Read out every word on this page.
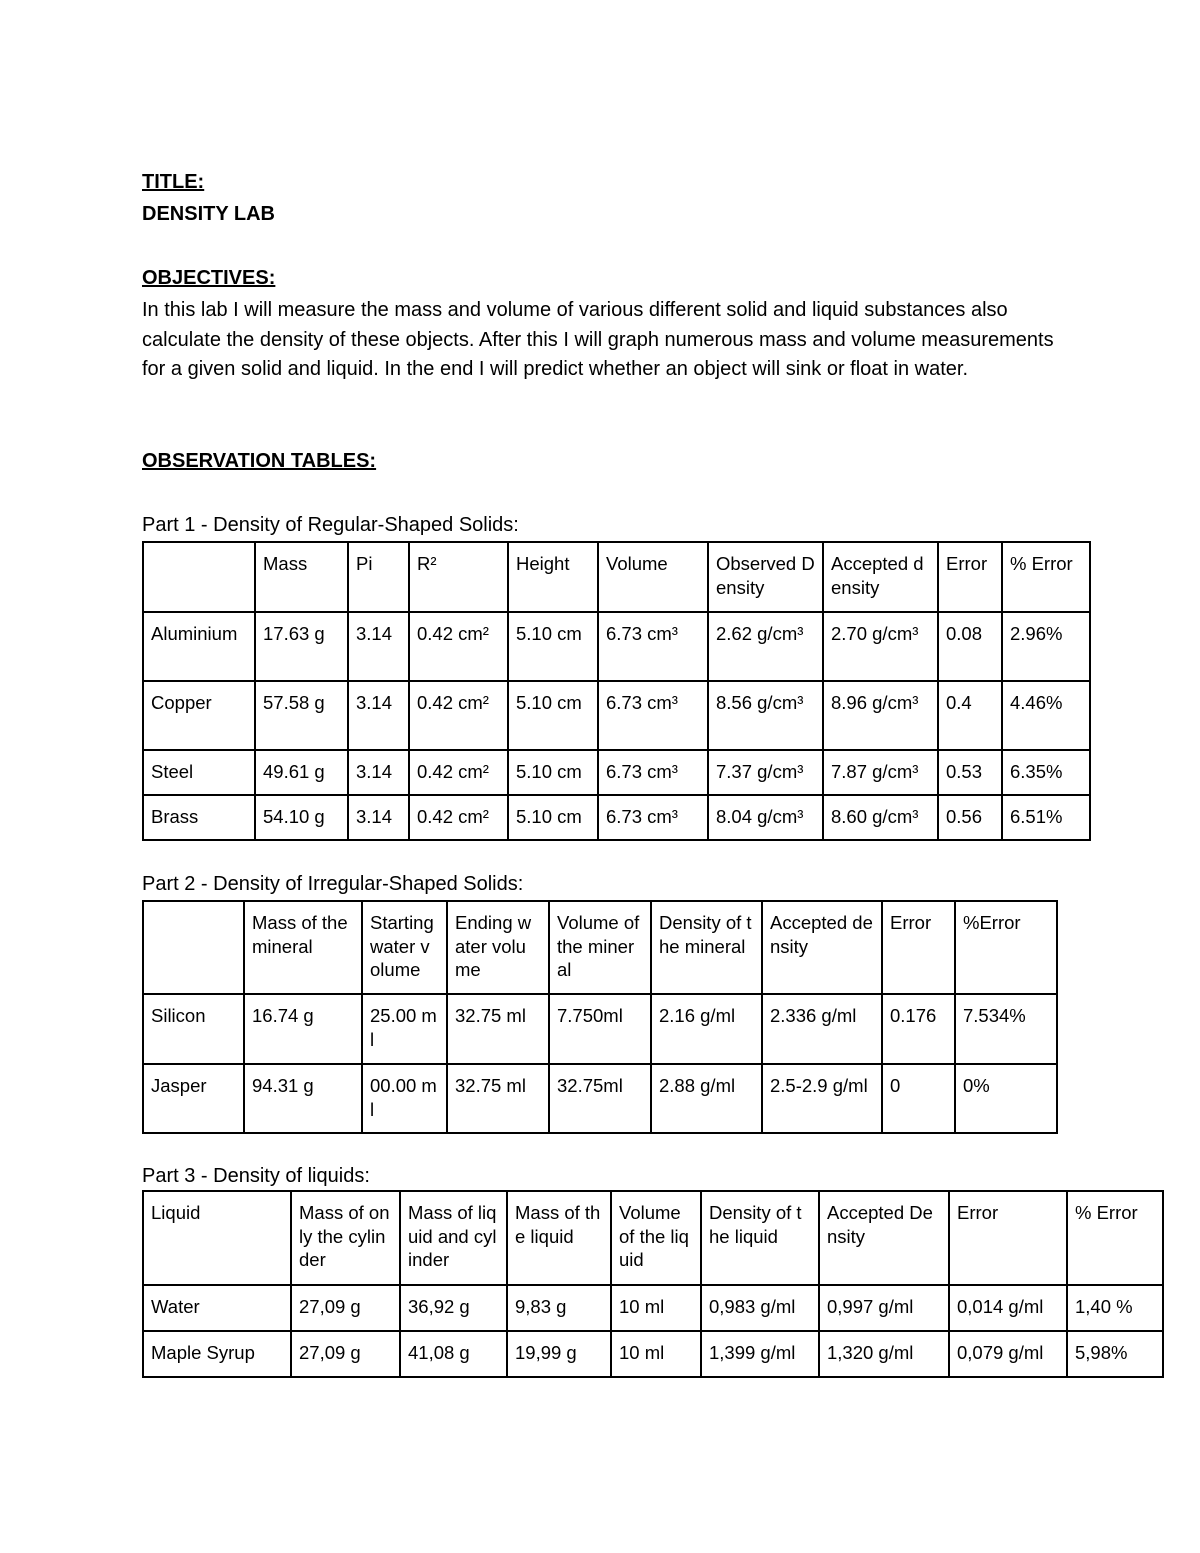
TITLE:
DENSITY LAB
OBJECTIVES:
In this lab I will measure the mass and volume of various different solid and liquid substances also calculate the density of these objects. After this I will graph numerous mass and volume measurements for a given solid and liquid. In the end I will predict whether an object will sink or float in water.
OBSERVATION TABLES:
Part 1 - Density of Regular-Shaped Solids:
	Mass	Pi	R²	Height	Volume	Observed Density	Accepted density	Error	% Error
Aluminium	17.63 g	3.14	0.42 cm²	5.10 cm	6.73 cm³	2.62 g/cm³	2.70 g/cm³	0.08	2.96%
Copper	57.58 g	3.14	0.42 cm²	5.10 cm	6.73 cm³	8.56 g/cm³	8.96 g/cm³	0.4	4.46%
Steel	49.61 g	3.14	0.42 cm²	5.10 cm	6.73 cm³	7.37 g/cm³	7.87 g/cm³	0.53	6.35%
Brass	54.10 g	3.14	0.42 cm²	5.10 cm	6.73 cm³	8.04 g/cm³	8.60 g/cm³	0.56	6.51%
Part 2 - Density of Irregular-Shaped Solids:
	Mass of the mineral	Starting water volume	Ending water volume	Volume of the mineral	Density of the mineral	Accepted density	Error	%Error
Silicon	16.74 g	25.00 ml	32.75 ml	7.750ml	2.16 g/ml	2.336 g/ml	0.176	7.534%
Jasper	94.31 g	00.00 ml	32.75 ml	32.75ml	2.88 g/ml	2.5-2.9 g/ml	0	0%
Part 3 - Density of liquids:
Liquid	Mass of only the cylinder	Mass of liquid and cylinder	Mass of the liquid	Volume of the liquid	Density of the liquid	Accepted Density	Error	% Error
Water	27,09 g	36,92 g	9,83 g	10 ml	0,983 g/ml	0,997 g/ml	0,014 g/ml	1,40 %
Maple Syrup	27,09 g	41,08 g	19,99 g	10 ml	1,399 g/ml	1,320 g/ml	0,079 g/ml	5,98%
